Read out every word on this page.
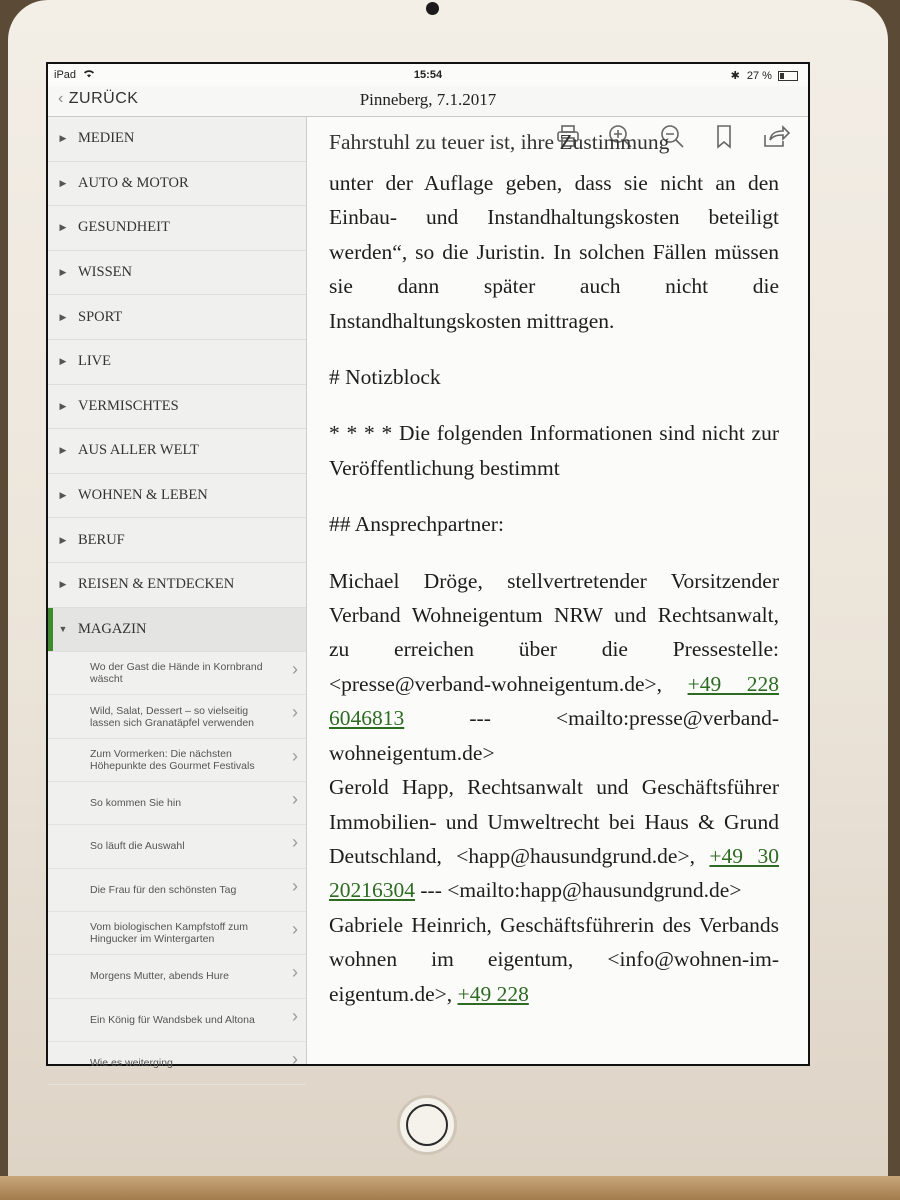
iPad	15:54	✱ 27 %
‹ ZURÜCK	Pinneberg, 7.1.2017
▶ MEDIEN
▶ AUTO & MOTOR
▶ GESUNDHEIT
▶ WISSEN
▶ SPORT
▶ LIVE
▶ VERMISCHTES
▶ AUS ALLER WELT
▶ WOHNEN & LEBEN
▶ BERUF
▶ REISEN & ENTDECKEN
▼ MAGAZIN
Wo der Gast die Hände in Kornbrand wäscht
›
Wild, Salat, Dessert – so vielseitig lassen sich Granatäpfel verwenden
›
Zum Vormerken: Die nächsten Höhepunkte des Gourmet Festivals
›
So kommen Sie hin	›
So läuft die Auswahl	›
Die Frau für den schönsten Tag	›
Vom biologischen Kampfstoff zum Hingucker im Wintergarten
›
Morgens Mutter, abends Hure	›
Ein König für Wandsbek und Altona ›
Wie es weiterging	›

Fahrstuhl zu teuer ist, ihre Zustimmung

unter der Auflage geben, dass sie nicht an den Einbau- und Instandhaltungskosten beteiligt werden“, so die Juristin. In solchen Fällen müssen sie dann später auch nicht die Instandhaltungskosten mittragen.

# Notizblock

* * * * Die folgenden Informationen sind nicht zur Veröffentlichung bestimmt

## Ansprechpartner:

Michael Dröge, stellvertretender Vorsitzender Verband Wohneigentum NRW und Rechtsanwalt, zu erreichen über die Pressestelle: <presse@verband-wohneigentum.de>, +49 228 6046813 --- <mailto:presse@verband-wohneigentum.de>

Gerold Happ, Rechtsanwalt und Geschäftsführer Immobilien- und Umweltrecht bei Haus & Grund Deutschland, <happ@hausundgrund.de>, +49 30 20216304 --- <mailto:happ@hausundgrund.de>

Gabriele Heinrich, Geschäftsführerin des Verbands wohnen im eigentum, <info@wohnen-im-eigentum.de>, +49 228
